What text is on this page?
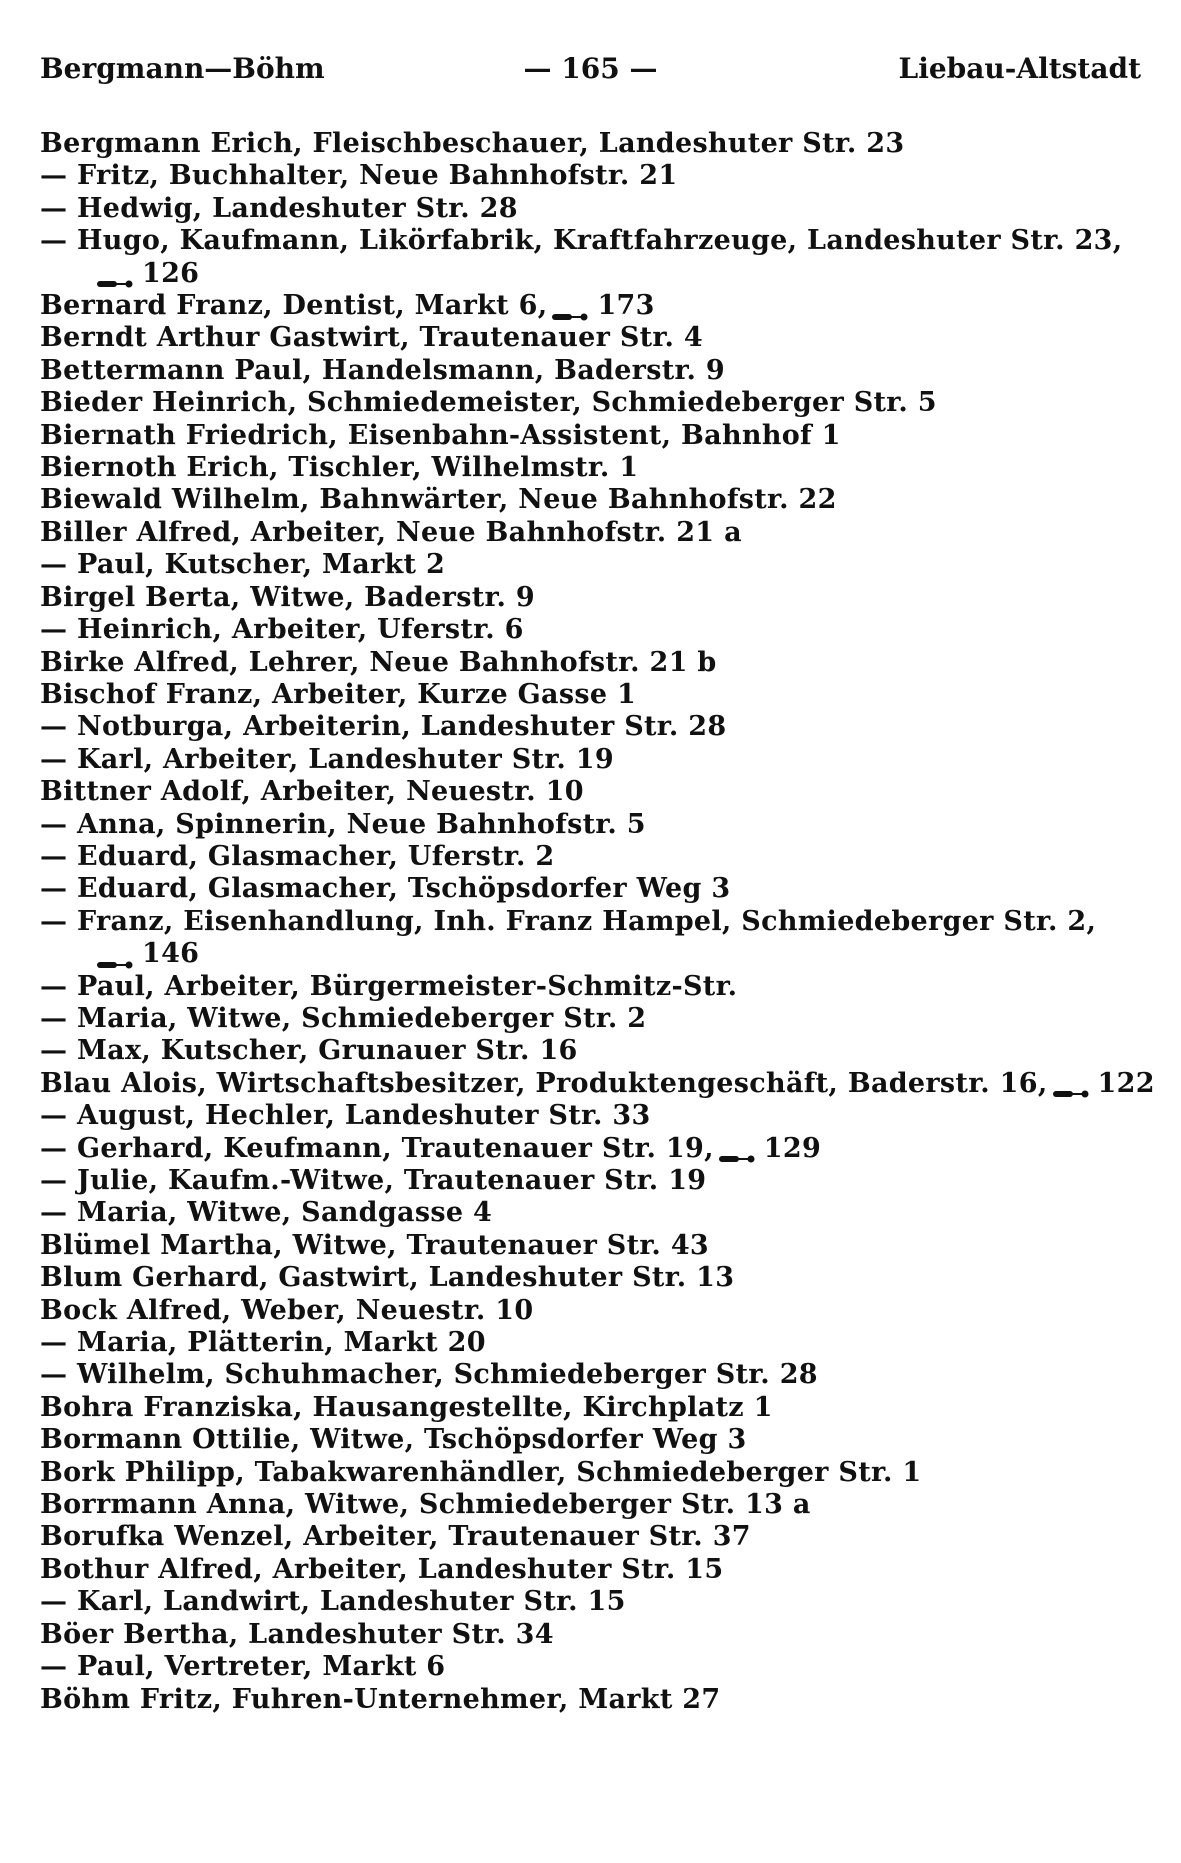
Bergmann—Böhm	— 165 —	Liebau-Altstadt
Bergmann Erich, Fleischbeschauer, Landeshuter Str. 23
— Fritz, Buchhalter, Neue Bahnhofstr. 21
— Hedwig, Landeshuter Str. 28
— Hugo, Kaufmann, Likörfabrik, Kraftfahrzeuge, Landeshuter Str. 23,
126
Bernard Franz, Dentist, Markt 6, 173
Berndt Arthur Gastwirt, Trautenauer Str. 4
Bettermann Paul, Handelsmann, Baderstr. 9
Bieder Heinrich, Schmiedemeister, Schmiedeberger Str. 5
Biernath Friedrich, Eisenbahn-Assistent, Bahnhof 1
Biernoth Erich, Tischler, Wilhelmstr. 1
Biewald Wilhelm, Bahnwärter, Neue Bahnhofstr. 22
Biller Alfred, Arbeiter, Neue Bahnhofstr. 21 a
— Paul, Kutscher, Markt 2
Birgel Berta, Witwe, Baderstr. 9
— Heinrich, Arbeiter, Uferstr. 6
Birke Alfred, Lehrer, Neue Bahnhofstr. 21 b
Bischof Franz, Arbeiter, Kurze Gasse 1
— Notburga, Arbeiterin, Landeshuter Str. 28
— Karl, Arbeiter, Landeshuter Str. 19
Bittner Adolf, Arbeiter, Neuestr. 10
— Anna, Spinnerin, Neue Bahnhofstr. 5
— Eduard, Glasmacher, Uferstr. 2
— Eduard, Glasmacher, Tschöpsdorfer Weg 3
— Franz, Eisenhandlung, Inh. Franz Hampel, Schmiedeberger Str. 2,
146
— Paul, Arbeiter, Bürgermeister-Schmitz-Str.
— Maria, Witwe, Schmiedeberger Str. 2
— Max, Kutscher, Grunauer Str. 16
Blau Alois, Wirtschaftsbesitzer, Produktengeschäft, Baderstr. 16, 122
— August, Hechler, Landeshuter Str. 33
— Gerhard, Keufmann, Trautenauer Str. 19, 129
— Julie, Kaufm.-Witwe, Trautenauer Str. 19
— Maria, Witwe, Sandgasse 4
Blümel Martha, Witwe, Trautenauer Str. 43
Blum Gerhard, Gastwirt, Landeshuter Str. 13
Bock Alfred, Weber, Neuestr. 10
— Maria, Plätterin, Markt 20
— Wilhelm, Schuhmacher, Schmiedeberger Str. 28
Bohra Franziska, Hausangestellte, Kirchplatz 1
Bormann Ottilie, Witwe, Tschöpsdorfer Weg 3
Bork Philipp, Tabakwarenhändler, Schmiedeberger Str. 1
Borrmann Anna, Witwe, Schmiedeberger Str. 13 a
Borufka Wenzel, Arbeiter, Trautenauer Str. 37
Bothur Alfred, Arbeiter, Landeshuter Str. 15
— Karl, Landwirt, Landeshuter Str. 15
Böer Bertha, Landeshuter Str. 34
— Paul, Vertreter, Markt 6
Böhm Fritz, Fuhren-Unternehmer, Markt 27
